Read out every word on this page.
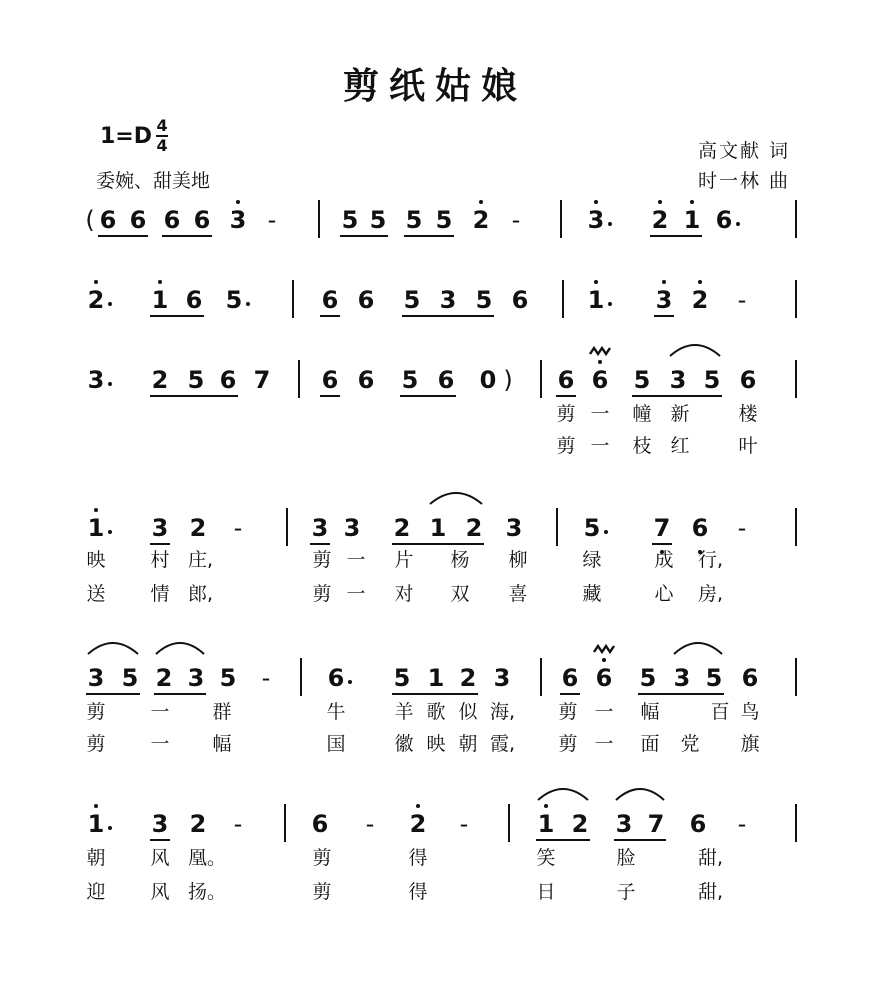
剪纸姑娘
$1=D \frac{4}{4}$
委婉、甜美地
高文献 词
时一林 曲
6 6 6 6 3 -	5 5 5 5 2 -	3 2 1 6
(
2 1 6 5	6 6 5 3 5 6 1 3 2 -
3 2 5 6 7 6 6 5 6 0	6 6 5 3 5 6
)
剪 一 幢 新	楼
剪 一 枝 红	叶
1 3 2 -	3 3 2 1 2 3	5 7 6 -
映 村 庄,	剪 一 片 杨 柳	绿	成 行,
送 情 郎,	剪 一 对 双 喜	藏	心 房,
3 5 2 3 5 - 6 5 1 2 3 6 6 5 3 5 6
剪 一 群	牛	羊 歌 似 海,	剪 一 幅	百 鸟
剪 一 幅	国	徽 映 朝 霞,	剪 一 面 党 旗
1 3 2 -	6 - 2 -	1 2 3 7 6 -
朝 风 凰。	剪	得	笑	脸	甜,
迎 风 扬。	剪	得	日	子	甜,
